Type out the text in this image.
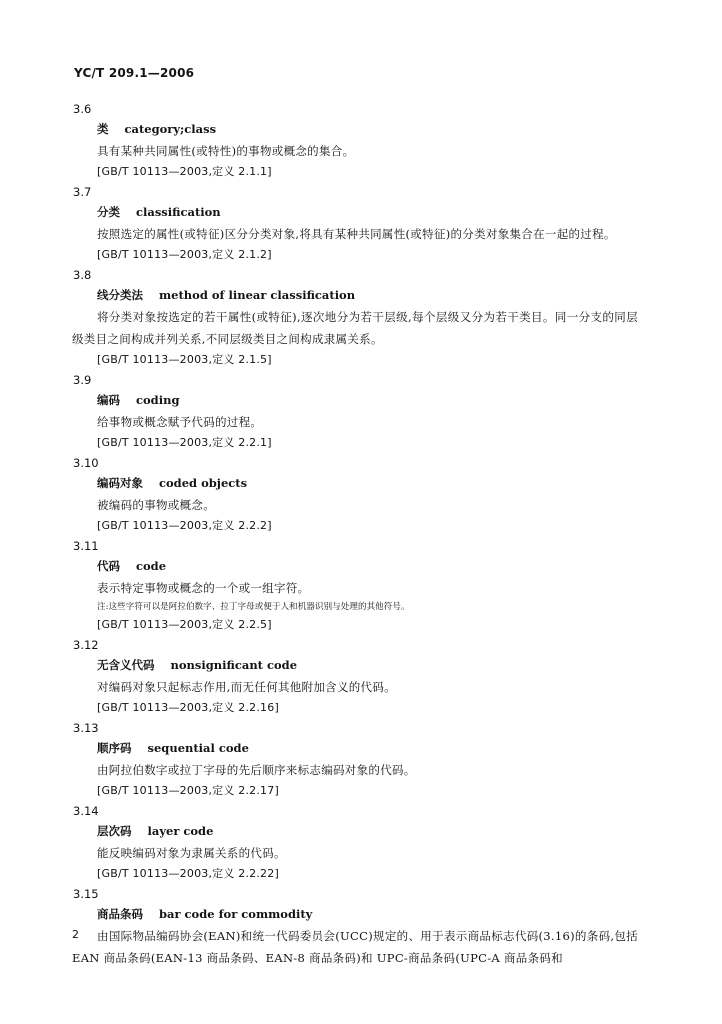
YC/T 209.1—2006
3.6
类 category;class
具有某种共同属性(或特性)的事物或概念的集合。
[GB/T 10113—2003,定义 2.1.1]
3.7
分类 classification
按照选定的属性(或特征)区分分类对象,将具有某种共同属性(或特征)的分类对象集合在一起的过程。
[GB/T 10113—2003,定义 2.1.2]
3.8
线分类法 method of linear classification
将分类对象按选定的若干属性(或特征),逐次地分为若干层级,每个层级又分为若干类目。同一分支的同层级类目之间构成并列关系,不同层级类目之间构成隶属关系。
[GB/T 10113—2003,定义 2.1.5]
3.9
编码 coding
给事物或概念赋予代码的过程。
[GB/T 10113—2003,定义 2.2.1]
3.10
编码对象 coded objects
被编码的事物或概念。
[GB/T 10113—2003,定义 2.2.2]
3.11
代码 code
表示特定事物或概念的一个或一组字符。
注:这些字符可以是阿拉伯数字、拉丁字母或便于人和机器识别与处理的其他符号。
[GB/T 10113—2003,定义 2.2.5]
3.12
无含义代码 nonsignificant code
对编码对象只起标志作用,而无任何其他附加含义的代码。
[GB/T 10113—2003,定义 2.2.16]
3.13
顺序码 sequential code
由阿拉伯数字或拉丁字母的先后顺序来标志编码对象的代码。
[GB/T 10113—2003,定义 2.2.17]
3.14
层次码 layer code
能反映编码对象为隶属关系的代码。
[GB/T 10113—2003,定义 2.2.22]
3.15
商品条码 bar code for commodity
由国际物品编码协会(EAN)和统一代码委员会(UCC)规定的、用于表示商品标志代码(3.16)的条码,包括 EAN 商品条码(EAN-13 商品条码、EAN-8 商品条码)和 UPC-商品条码(UPC-A 商品条码和
2
